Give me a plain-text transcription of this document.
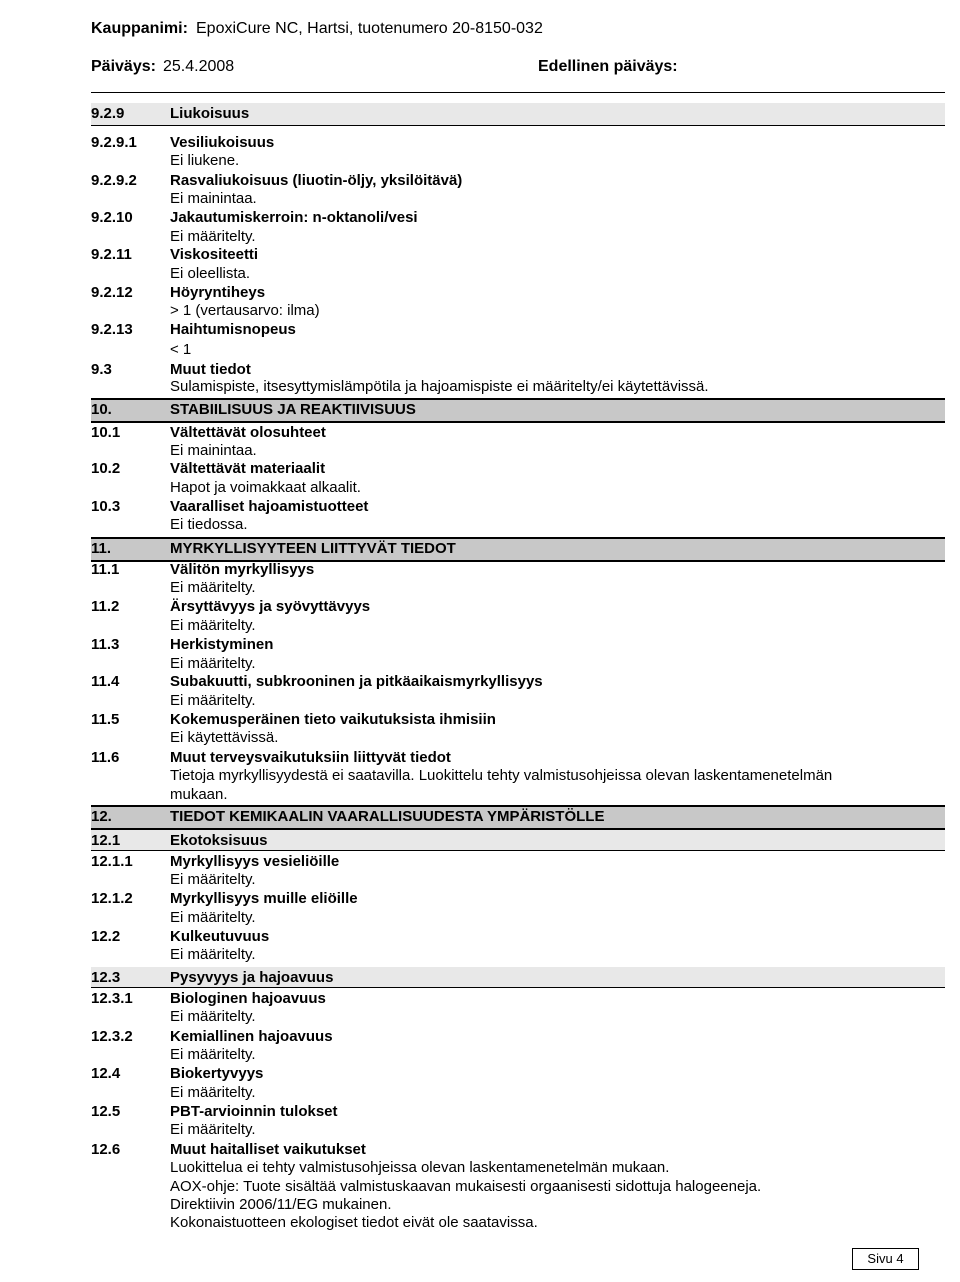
Kauppanimi: EpoxiCure NC, Hartsi, tuotenumero 20-8150-032
Päiväys: 25.4.2008	Edellinen päiväys:
9.2.9	Liukoisuus
9.2.9.1 Vesiliukoisuus
Ei liukene.
9.2.9.2 Rasvaliukoisuus (liuotin-öljy, yksilöitävä)
Ei mainintaa.
9.2.10 Jakautumiskerroin: n-oktanoli/vesi
Ei määritelty.
9.2.11	Viskositeetti
Ei oleellista.
9.2.12 Höyryntiheys
> 1 (vertausarvo: ilma)
9.2.13 Haihtumisnopeus
< 1
9.3	Muut tiedot
Sulamispiste, itsesyttymislämpötila ja hajoamispiste ei määritelty/ei käytettävissä.
10.	STABIILISUUS JA REAKTIIVISUUS
10.1	Vältettävät olosuhteet
Ei mainintaa.
10.2	Vältettävät materiaalit
Hapot ja voimakkaat alkaalit.
10.3	Vaaralliset hajoamistuotteet
Ei tiedossa.
11.	MYRKYLLISYYTEEN LIITTYVÄT TIEDOT
11.1	Välitön myrkyllisyys
Ei määritelty.
11.2	Ärsyttävyys ja syövyttävyys
Ei määritelty.
11.3	Herkistyminen
Ei määritelty.
11.4	Subakuutti, subkrooninen ja pitkäaikaismyrkyllisyys
Ei määritelty.
11.5	Kokemusperäinen tieto vaikutuksista ihmisiin
Ei käytettävissä.
11.6	Muut terveysvaikutuksiin liittyvät tiedot
Tietoja myrkyllisyydestä ei saatavilla. Luokittelu tehty valmistusohjeissa olevan laskentamenetelmän
mukaan.
12.	TIEDOT KEMIKAALIN VAARALLISUUDESTA YMPÄRISTÖLLE
12.1	Ekotoksisuus
12.1.1 Myrkyllisyys vesieliöille
Ei määritelty.
12.1.2 Myrkyllisyys muille eliöille
Ei määritelty.
12.2	Kulkeutuvuus
Ei määritelty.
12.3	Pysyvyys ja hajoavuus
12.3.1 Biologinen hajoavuus
Ei määritelty.
12.3.2 Kemiallinen hajoavuus
Ei määritelty.
12.4	Biokertyvyys
Ei määritelty.
12.5	PBT-arvioinnin tulokset
Ei määritelty.
12.6	Muut haitalliset vaikutukset
Luokittelua ei tehty valmistusohjeissa olevan laskentamenetelmän mukaan.
AOX-ohje: Tuote sisältää valmistuskaavan mukaisesti orgaanisesti sidottuja halogeeneja.
Direktiivin 2006/11/EG mukainen.
Kokonaistuotteen ekologiset tiedot eivät ole saatavissa.
Sivu 4
